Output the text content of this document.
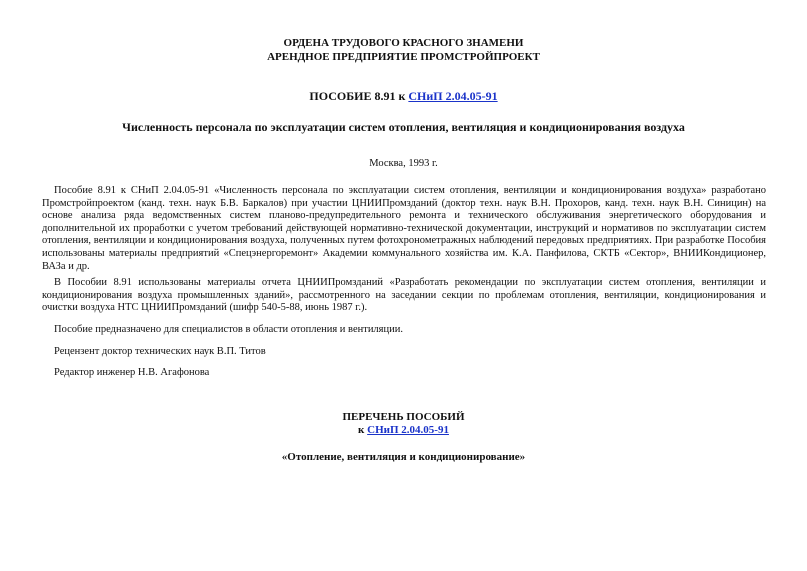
ОРДЕНА ТРУДОВОГО КРАСНОГО ЗНАМЕНИ
АРЕНДНОЕ ПРЕДПРИЯТИЕ ПРОМСТРОЙПРОЕКТ
ПОСОБИЕ 8.91 к СНиП 2.04.05-91
Численность персонала по эксплуатации систем отопления, вентиляция и кондиционирования воздуха
Москва, 1993 г.

Пособие 8.91 к СНиП 2.04.05-91 «Численность персонала по эксплуатации систем отопления, вентиляции и кондиционирования воздуха» разработано Промстройпроектом (канд. техн. наук Б.В. Баркалов) при участии ЦНИИПромзданий (доктор техн. наук В.Н. Прохоров, канд. техн. наук В.Н. Синицин) на основе анализа ряда ведомственных систем планово-предупредительного ремонта и технического обслуживания энергетического оборудования и дополнительной их проработки с учетом требований действующей нормативно-технической документации, инструкций и нормативов по эксплуатации систем отопления, вентиляции и кондиционирования воздуха, полученных путем фотохронометражных наблюдений передовых предприятиях. При разработке Пособия использованы материалы предприятий «Спецэнергоремонт» Академии коммунального хозяйства им. К.А. Панфилова, СКТБ «Сектор», ВНИИКондиционер, ВАЗа и др.

В Пособии 8.91 использованы материалы отчета ЦНИИПромзданий «Разработать рекомендации по эксплуатации систем отопления, вентиляции и кондиционирования воздуха промышленных зданий», рассмотренного на заседании секции по проблемам отопления, вентиляции, кондиционирования и очистки воздуха НТС ЦНИИПромзданий (шифр 540-5-88, июнь 1987 г.).

Пособие предназначено для специалистов в области отопления и вентиляции.

Рецензент доктор технических наук В.П. Титов

Редактор инженер Н.В. Агафонова

ПЕРЕЧЕНЬ ПОСОБИЙ
к СНиП 2.04.05-91
«Отопление, вентиляция и кондиционирование»
